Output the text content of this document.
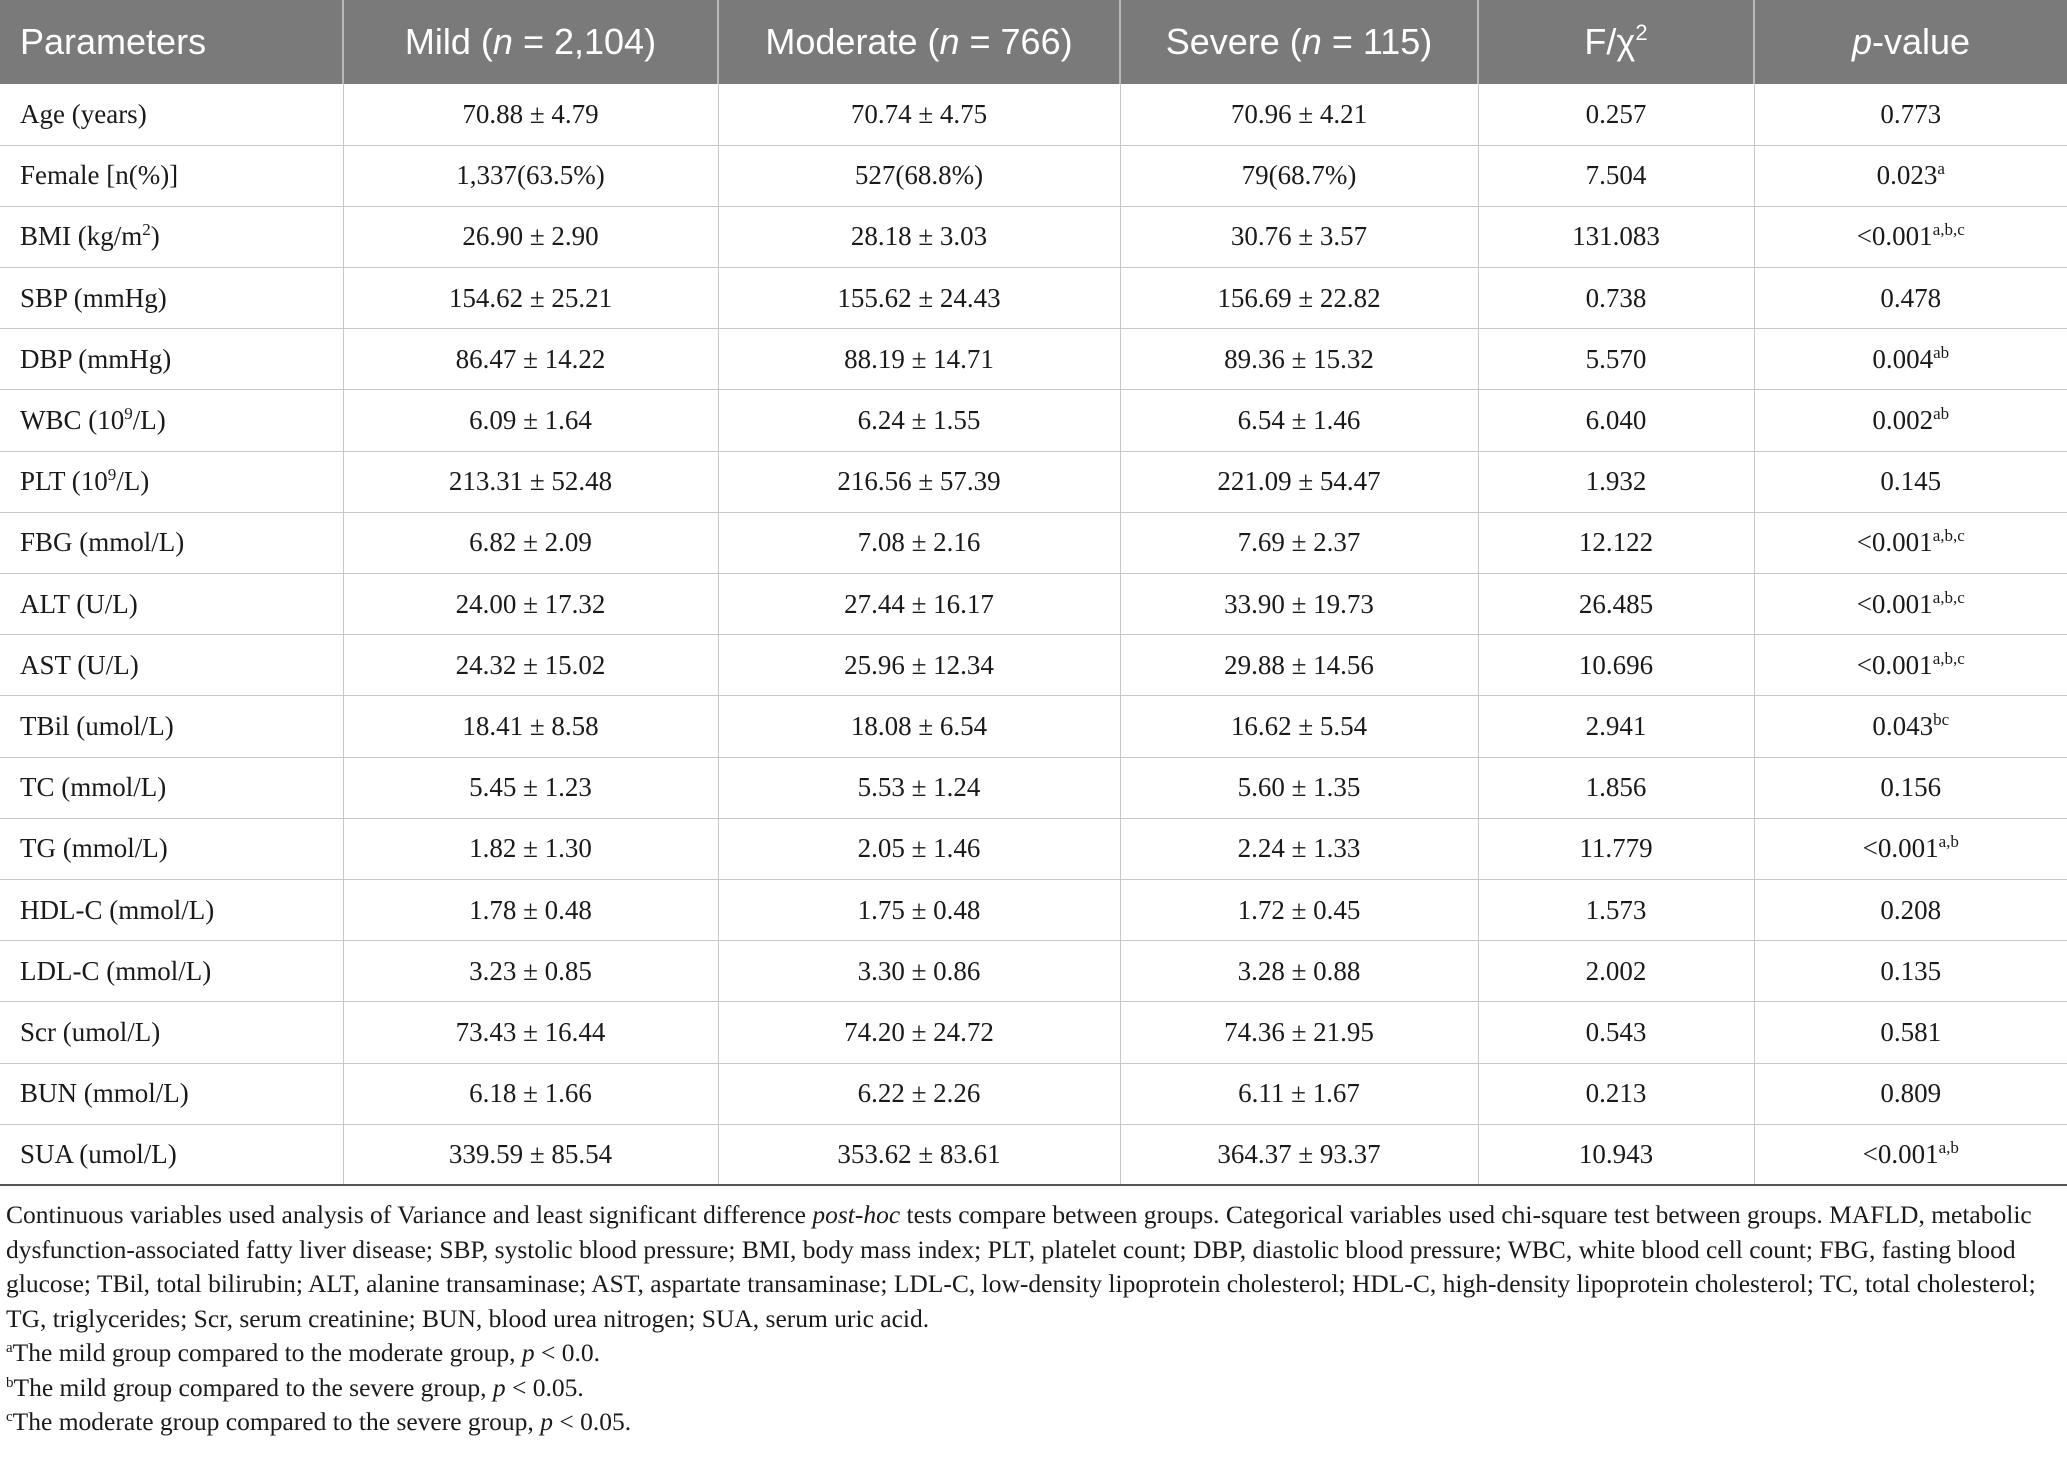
Parameters	Mild (n = 2,104)	Moderate (n = 766)	Severe (n = 115)	$F/\chi^2$	p-value
Age (years)	70.88 ± 4.79	70.74 ± 4.75	70.96 ± 4.21	0.257	0.773
Female [n(%)]	1,337(63.5%)	527(68.8%)	79(68.7%)	7.504	0.023$^a$
BMI $(kg/m^2)$	26.90 ± 2.90	28.18 ± 3.03	30.76 ± 3.57	131.083	$<0.001^{a,b,c}$
SBP (mmHg)	154.62 ± 25.21	155.62 ± 24.43	156.69 ± 22.82	0.738	0.478
DBP (mmHg)	86.47 ± 14.22	88.19 ± 14.71	89.36 ± 15.32	5.570	0.004$^{ab}$
WBC $(10^9/L)$	6.09 ± 1.64	6.24 ± 1.55	6.54 ± 1.46	6.040	0.002$^{ab}$
PLT $(10^9/L)$	213.31 ± 52.48	216.56 ± 57.39	221.09 ± 54.47	1.932	0.145
FBG (mmol/L)	6.82 ± 2.09	7.08 ± 2.16	7.69 ± 2.37	12.122	$<0.001^{a,b,c}$
ALT (U/L)	24.00 ± 17.32	27.44 ± 16.17	33.90 ± 19.73	26.485	$<0.001^{a,b,c}$
AST (U/L)	24.32 ± 15.02	25.96 ± 12.34	29.88 ± 14.56	10.696	$<0.001^{a,b,c}$
TBil (umol/L)	18.41 ± 8.58	18.08 ± 6.54	16.62 ± 5.54	2.941	0.043$^{bc}$
TC (mmol/L)	5.45 ± 1.23	5.53 ± 1.24	5.60 ± 1.35	1.856	0.156
TG (mmol/L)	1.82 ± 1.30	2.05 ± 1.46	2.24 ± 1.33	11.779	$<0.001^{a,b}$
HDL-C (mmol/L)	1.78 ± 0.48	1.75 ± 0.48	1.72 ± 0.45	1.573	0.208
LDL-C (mmol/L)	3.23 ± 0.85	3.30 ± 0.86	3.28 ± 0.88	2.002	0.135
Scr (umol/L)	73.43 ± 16.44	74.20 ± 24.72	74.36 ± 21.95	0.543	0.581
BUN (mmol/L)	6.18 ± 1.66	6.22 ± 2.26	6.11 ± 1.67	0.213	0.809
SUA (umol/L)	339.59 ± 85.54	353.62 ± 83.61	364.37 ± 93.37	10.943	$<0.001^{a,b}$

Continuous variables used analysis of Variance and least significant difference post-hoc tests compare between groups. Categorical variables used chi-square test between groups. MAFLD, metabolic dysfunction-associated fatty liver disease; SBP, systolic blood pressure; BMI, body mass index; PLT, platelet count; DBP, diastolic blood pressure; WBC, white blood cell count; FBG, fasting blood glucose; TBil, total bilirubin; ALT, alanine transaminase; AST, aspartate transaminase; LDL-C, low-density lipoprotein cholesterol; HDL-C, high-density lipoprotein cholesterol; TC, total cholesterol; TG, triglycerides; Scr, serum creatinine; BUN, blood urea nitrogen; SUA, serum uric acid.

$^a$The mild group compared to the moderate group, p < 0.0.

$^b$The mild group compared to the severe group, p < 0.05.

$^c$The moderate group compared to the severe group, p < 0.05.
